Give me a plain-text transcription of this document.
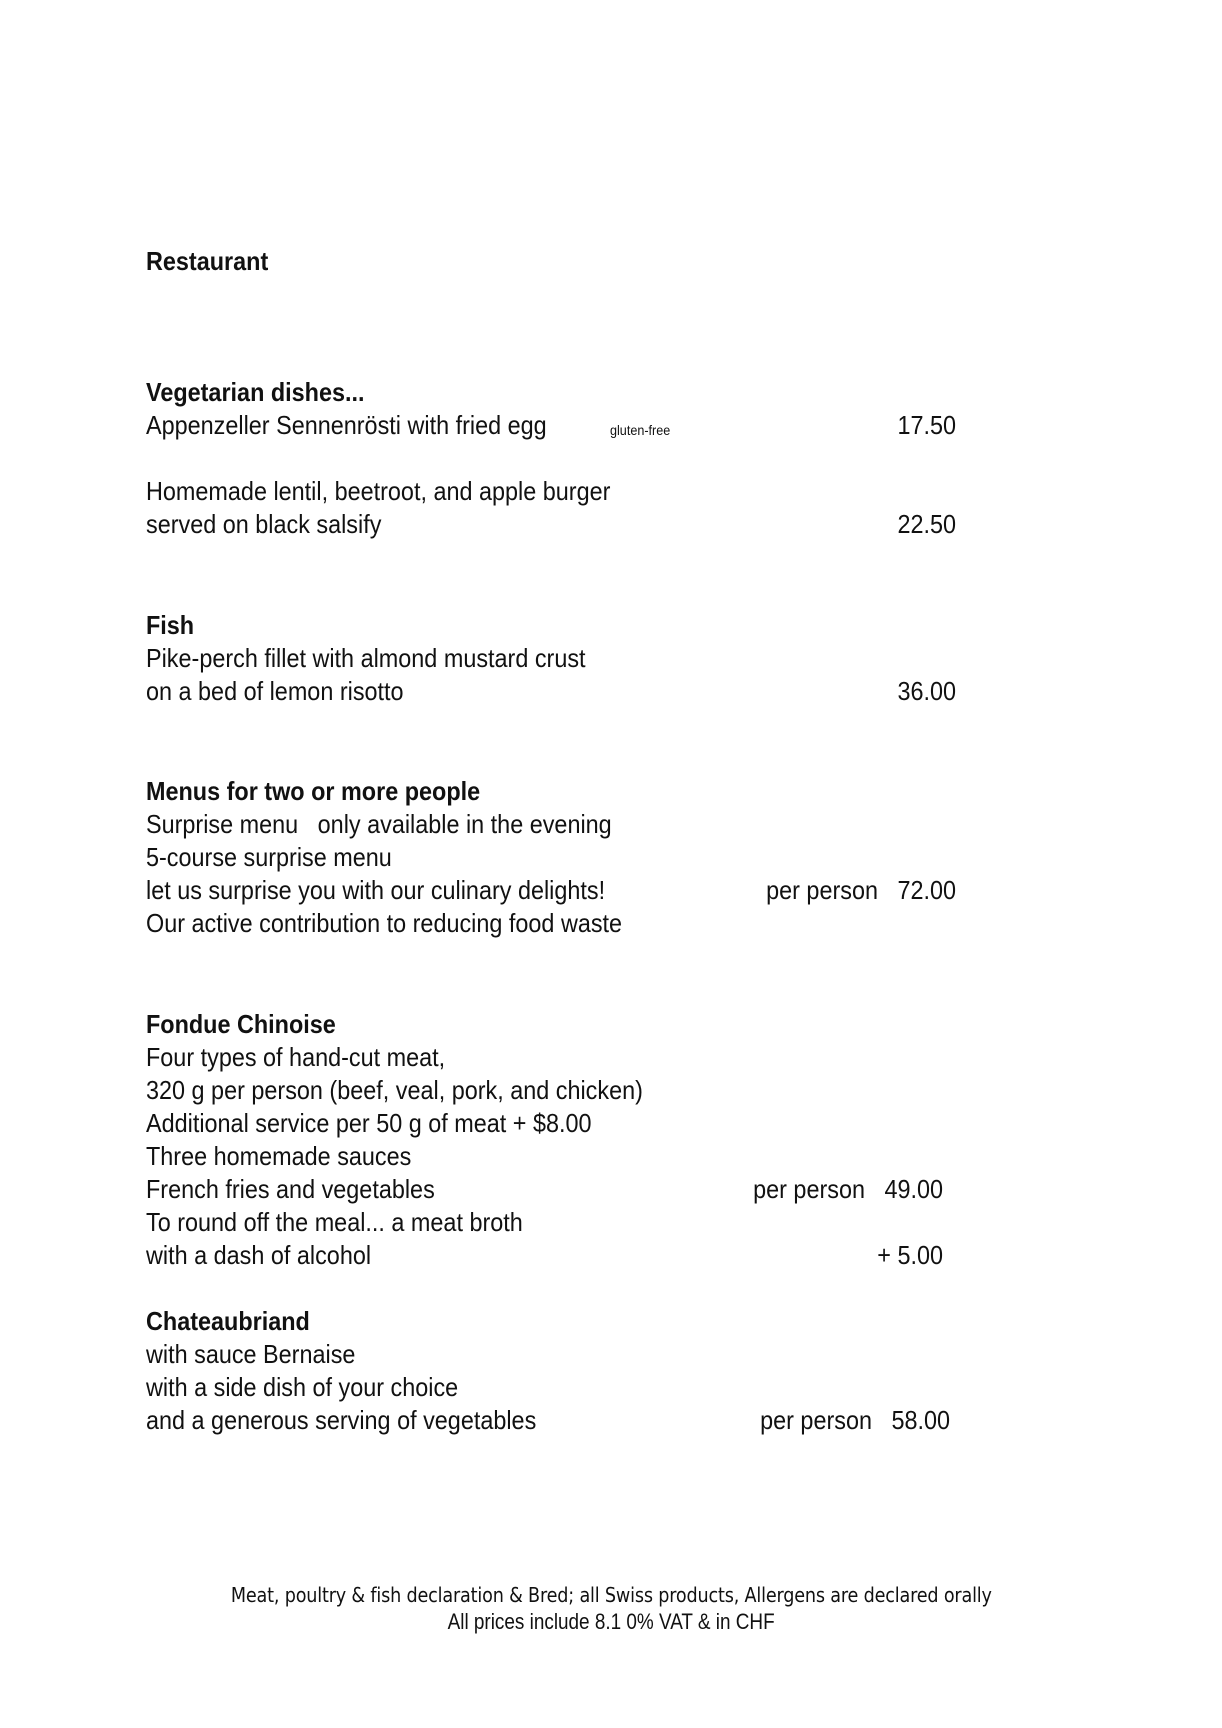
Restaurant
Vegetarian dishes...
Appenzeller Sennenrösti with fried egg	gluten-free	17.50
Homemade lentil, beetroot, and apple burger
served on black salsify	22.50
Fish
Pike-perch fillet with almond mustard crust
on a bed of lemon risotto	36.00
Menus for two or more people
Surprise menu   only available in the evening
5-course surprise menu
let us surprise you with our culinary delights!	per person   72.00
Our active contribution to reducing food waste
Fondue Chinoise
Four types of hand-cut meat,
320 g per person (beef, veal, pork, and chicken)
Additional service per 50 g of meat + $8.00
Three homemade sauces
French fries and vegetables	per person   49.00
To round off the meal... a meat broth
with a dash of alcohol	+ 5.00
Chateaubriand
with sauce Bernaise
with a side dish of your choice
and a generous serving of vegetables	per person   58.00
Meat, poultry & fish declaration & Bred; all Swiss products, Allergens are declared orally
All prices include 8.1 0% VAT & in CHF
